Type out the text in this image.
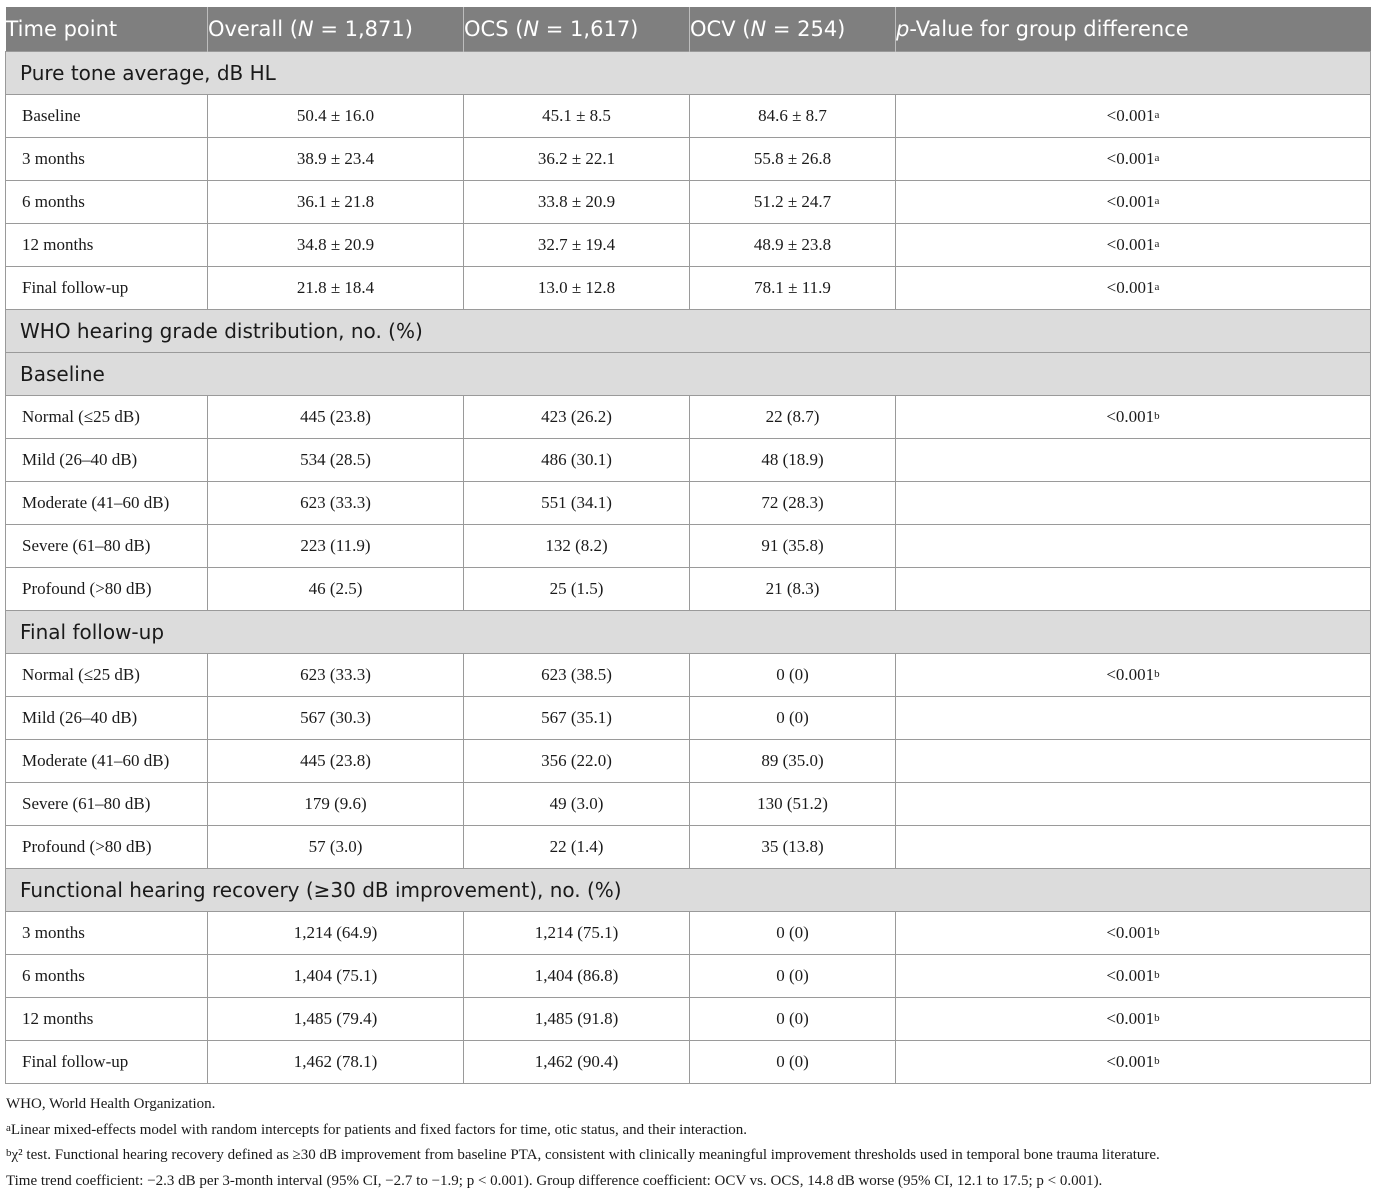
Time point	Overall (N = 1,871)	OCS (N = 1,617)	OCV (N = 254)	p-Value for group difference
Pure tone average, dB HL				
Baseline	50.4 ± 16.0	45.1 ± 8.5	84.6 ± 8.7	<0.001$^a$
3 months	38.9 ± 23.4	36.2 ± 22.1	55.8 ± 26.8	<0.001$^a$
6 months	36.1 ± 21.8	33.8 ± 20.9	51.2 ± 24.7	<0.001$^a$
12 months	34.8 ± 20.9	32.7 ± 19.4	48.9 ± 23.8	<0.001$^a$
Final follow-up	21.8 ± 18.4	13.0 ± 12.8	78.1 ± 11.9	<0.001$^a$
WHO hearing grade distribution, no. (%)				
Baseline				
Normal (≤25 dB)	445 (23.8)	423 (26.2)	22 (8.7)	<0.001$^b$
Mild (26–40 dB)	534 (28.5)	486 (30.1)	48 (18.9)	
Moderate (41–60 dB)	623 (33.3)	551 (34.1)	72 (28.3)	
Severe (61–80 dB)	223 (11.9)	132 (8.2)	91 (35.8)	
Profound (>80 dB)	46 (2.5)	25 (1.5)	21 (8.3)	
Final follow-up				
Normal (≤25 dB)	623 (33.3)	623 (38.5)	0 (0)	<0.001$^b$
Mild (26–40 dB)	567 (30.3)	567 (35.1)	0 (0)	
Moderate (41–60 dB)	445 (23.8)	356 (22.0)	89 (35.0)	
Severe (61–80 dB)	179 (9.6)	49 (3.0)	130 (51.2)	
Profound (>80 dB)	57 (3.0)	22 (1.4)	35 (13.8)	
Functional hearing recovery (≥30 dB improvement), no. (%)				
3 months	1,214 (64.9)	1,214 (75.1)	0 (0)	<0.001$^b$
6 months	1,404 (75.1)	1,404 (86.8)	0 (0)	<0.001$^b$
12 months	1,485 (79.4)	1,485 (91.8)	0 (0)	<0.001$^b$
Final follow-up	1,462 (78.1)	1,462 (90.4)	0 (0)	<0.001$^b$

WHO, World Health Organization.

$^a$Linear mixed-effects model with random intercepts for patients and fixed factors for time, otic status, and their interaction.

$^b$χ² test. Functional hearing recovery defined as ≥30 dB improvement from baseline PTA, consistent with clinically meaningful improvement thresholds used in temporal bone trauma literature.

Time trend coefficient: −2.3 dB per 3-month interval (95% CI, −2.7 to −1.9; p < 0.001). Group difference coefficient: OCV vs. OCS, 14.8 dB worse (95% CI, 12.1 to 17.5; p < 0.001).
